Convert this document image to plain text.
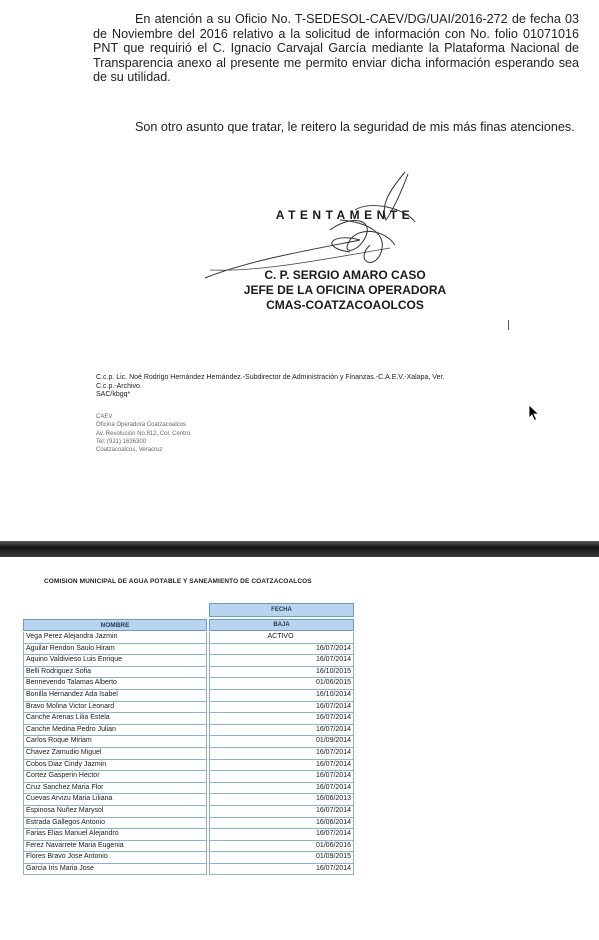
En atención a su Oficio No. T-SEDESOL-CAEV/DG/UAI/2016-272 de fecha 03 de Noviembre del 2016 relativo a la solicitud de información con No. folio 01071016 PNT que requirió el C. Ignacio Carvajal García mediante la Plataforma Nacional de Transparencia anexo al presente me permito enviar dicha información esperando sea de su utilidad.
Son otro asunto que tratar, le reitero la seguridad de mis más finas atenciones.
ATENTAMENTE
C. P. SERGIO AMARO CASO
JEFE DE LA OFICINA OPERADORA
CMAS-COATZACOAOLCOS
C.c.p. Lic. Noé Rodrigo Hernández Hernández.-Subdirector de Administración y Finanzas.-C.A.E.V.-Xalapa, Ver.
C.c.p.-Archivo.
SAC/kbgq*
CAEV
Oficina Operadora Coatzacoalcos
Av. Revolución No.812, Col. Centro
Tel: (921) 1636300
Coatzacoalcos, Veracruz
COMISION MUNICIPAL DE AGUA POTABLE Y SANEAMIENTO DE COATZACOALCOS
FECHA
NOMBRE	BAJA
Vega Perez Alejandra Jazmin	ACTIVO
Aguilar Rendon Saulo Hiram	16/07/2014
Aquino Valdivieso Luis Enrique	16/07/2014
Belli Rodriguez Sofia	16/10/2015
Bennevendo Talamas Alberto	01/06/2015
Bonilla Hernandez Ada Isabel	16/10/2014
Bravo Molina Victor Leonard	16/07/2014
Canche Arenas Lilia Estela	16/07/2014
Canche Medina Pedro Julian	16/07/2014
Carlos Roque Miriam	01/09/2014
Chavez Zamudio Miguel	16/07/2014
Cobos Diaz Cindy Jazmin	16/07/2014
Cortez Gasperin Hector	16/07/2014
Cruz Sanchez Maria Flor	16/07/2014
Cuevas Arvizu Maria Liliana	16/06/2013
Espinosa Nuñez Marysol	16/07/2014
Estrada Gallegos Antonio	16/06/2014
Farias Elias Manuel Alejandro	16/07/2014
Ferez Navarrete Maria Eugenia	01/06/2016
Flores Bravo Jose Antonio	01/09/2015
Garcia Iris Maria Jose	16/07/2014
